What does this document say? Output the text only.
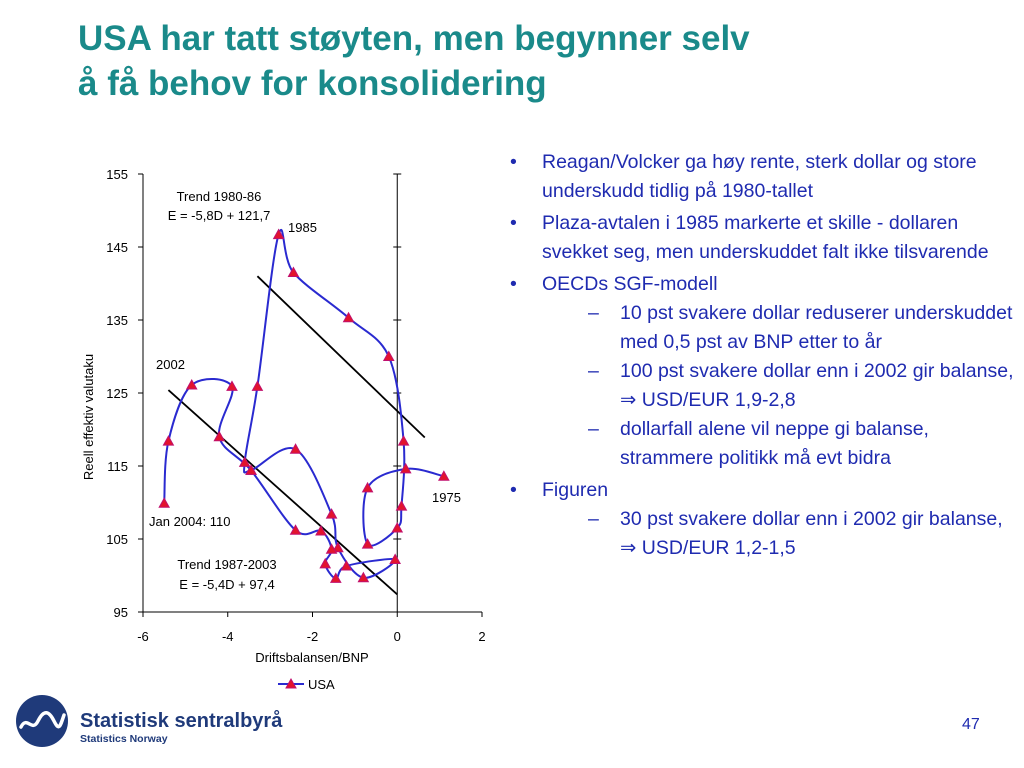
USA har tatt støyten, men begynner selv
å få behov for konsolidering
95
105
115
125
135
145
155
-6	-4	-2	0	2
Trend 1980-86
E = -5,8D + 121,7
1985
2002
1975
Jan 2004: 110
Trend 1987-2003
E = -5,4D + 97,4
Driftsbalansen/BNP
Reell effektiv valutaku
USA
• Reagan/Volcker ga høy rente, sterk dollar og store underskudd tidlig på 1980-tallet
• Plaza-avtalen i 1985 markerte et skille - dollaren svekket seg, men underskuddet falt ikke tilsvarende
• OECDs SGF-modell
– 10 pst svakere dollar reduserer underskuddet med 0,5 pst av BNP etter to år
– 100 pst svakere dollar enn i 2002 gir balanse, ⇒ USD/EUR 1,9-2,8
– dollarfall alene vil neppe gi balanse, strammere politikk må evt bidra
• Figuren
– 30 pst svakere dollar enn i 2002 gir balanse, ⇒ USD/EUR 1,2-1,5
Statistisk sentralbyrå
Statistics Norway
47
